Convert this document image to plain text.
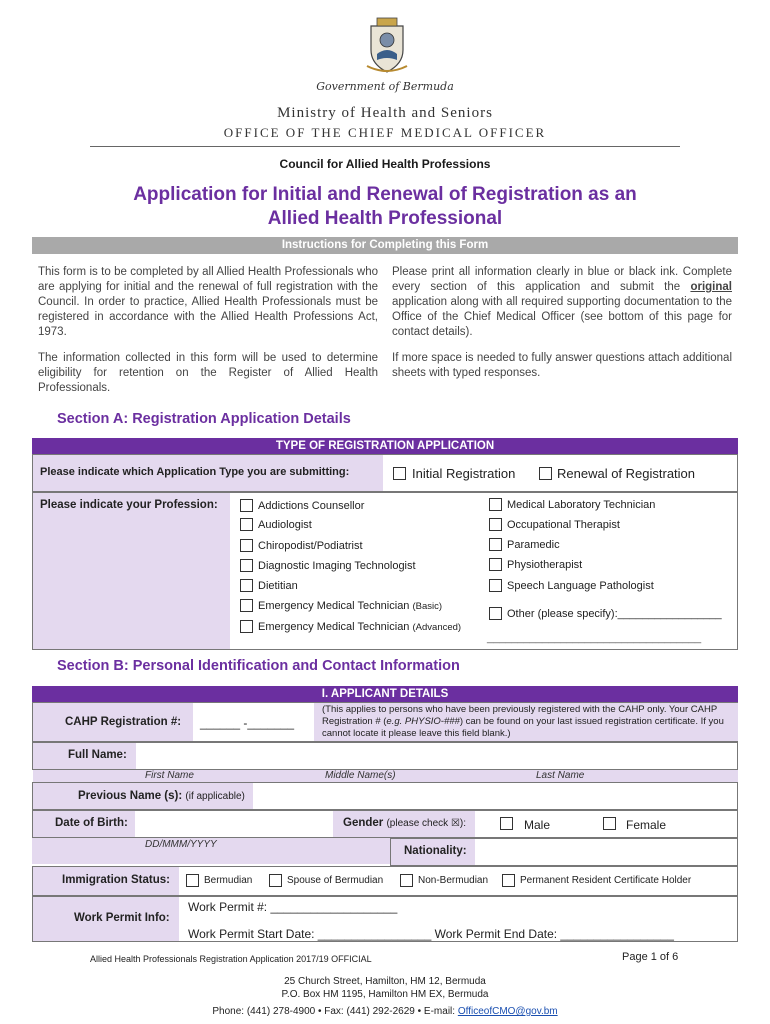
Government of Bermuda
Ministry of Health and Seniors
OFFICE OF THE CHIEF MEDICAL OFFICER
Council for Allied Health Professions
Application for Initial and Renewal of Registration as an
Allied Health Professional
Instructions for Completing this Form
This form is to be completed by all Allied Health Professionals who are applying for initial and the renewal of full registration with the Council. In order to practice, Allied Health Professionals must be registered in accordance with the Allied Health Professions Act, 1973.
The information collected in this form will be used to determine eligibility for retention on the Register of Allied Health Professionals.
Please print all information clearly in blue or black ink. Complete every section of this application and submit the original application along with all required supporting documentation to the Office of the Chief Medical Officer (see bottom of this page for contact details).
If more space is needed to fully answer questions attach additional sheets with typed responses.
Section A: Registration Application Details
TYPE OF REGISTRATION APPLICATION
Please indicate which Application Type you are submitting:	Initial Registration	Renewal of Registration
Please indicate your Profession:	Addictions Counsellor
Audiologist
Chiropodist/Podiatrist
Diagnostic Imaging Technologist
Dietitian
Emergency Medical Technician (Basic)
Emergency Medical Technician (Advanced)
Medical Laboratory Technician
Occupational Therapist
Paramedic
Physiotherapist
Speech Language Pathologist
Other (please specify):_________________
___________________________________
Section B: Personal Identification and Contact Information
I. APPLICANT DETAILS
CAHP Registration #: ______ -_______
(This applies to persons who have been previously registered with the CAHP only. Your CAHP Registration # (e.g. PHYSIO-###) can be found on your last issued registration certificate. If you cannot locate it please leave this field blank.)
Full Name:
First Name	Middle Name(s)	Last Name
Previous Name (s): (if applicable)
Date of Birth:	Gender (please check ☒):	Male	Female
DD/MMM/YYYY
Nationality:
Immigration Status:	Bermudian	Spouse of Bermudian	Non-Bermudian	Permanent Resident Certificate Holder
Work Permit Info:
Work Permit #: ___________________
Work Permit Start Date: _________________ Work Permit End Date: _________________
Allied Health Professionals Registration Application 2017/19 OFFICIAL	Page 1 of 6
25 Church Street, Hamilton, HM 12, Bermuda
P.O. Box HM 1195, Hamilton HM EX, Bermuda
Phone: (441) 278-4900 • Fax: (441) 292-2629 • E-mail: OfficeofCMO@gov.bm
